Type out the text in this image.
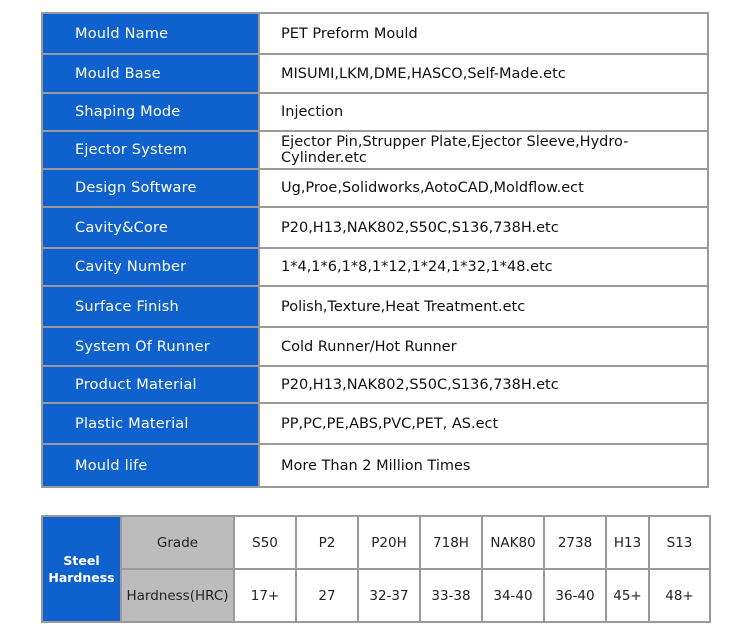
Mould Name	PET Preform Mould
Mould Base	MISUMI,LKM,DME,HASCO,Self-Made.etc
Shaping Mode	Injection
Ejector System	Ejector Pin,Strupper Plate,Ejector Sleeve,Hydro-Cylinder.etc
Design Software	Ug,Proe,Solidworks,AotoCAD,Moldflow.ect
Cavity&Core	P20,H13,NAK802,S50C,S136,738H.etc
Cavity Number	1*4,1*6,1*8,1*12,1*24,1*32,1*48.etc
Surface Finish	Polish,Texture,Heat Treatment.etc
System Of Runner	Cold Runner/Hot Runner
Product Material	P20,H13,NAK802,S50C,S136,738H.etc
Plastic Material	PP,PC,PE,ABS,PVC,PET, AS.ect
Mould life	More Than 2 Million Times
Steel
Hardness	Grade	S50	P2	P20H	718H	NAK80	2738	H13	S13
	Hardness(HRC)	17+	27	32-37	33-38	34-40	36-40	45+	48+
